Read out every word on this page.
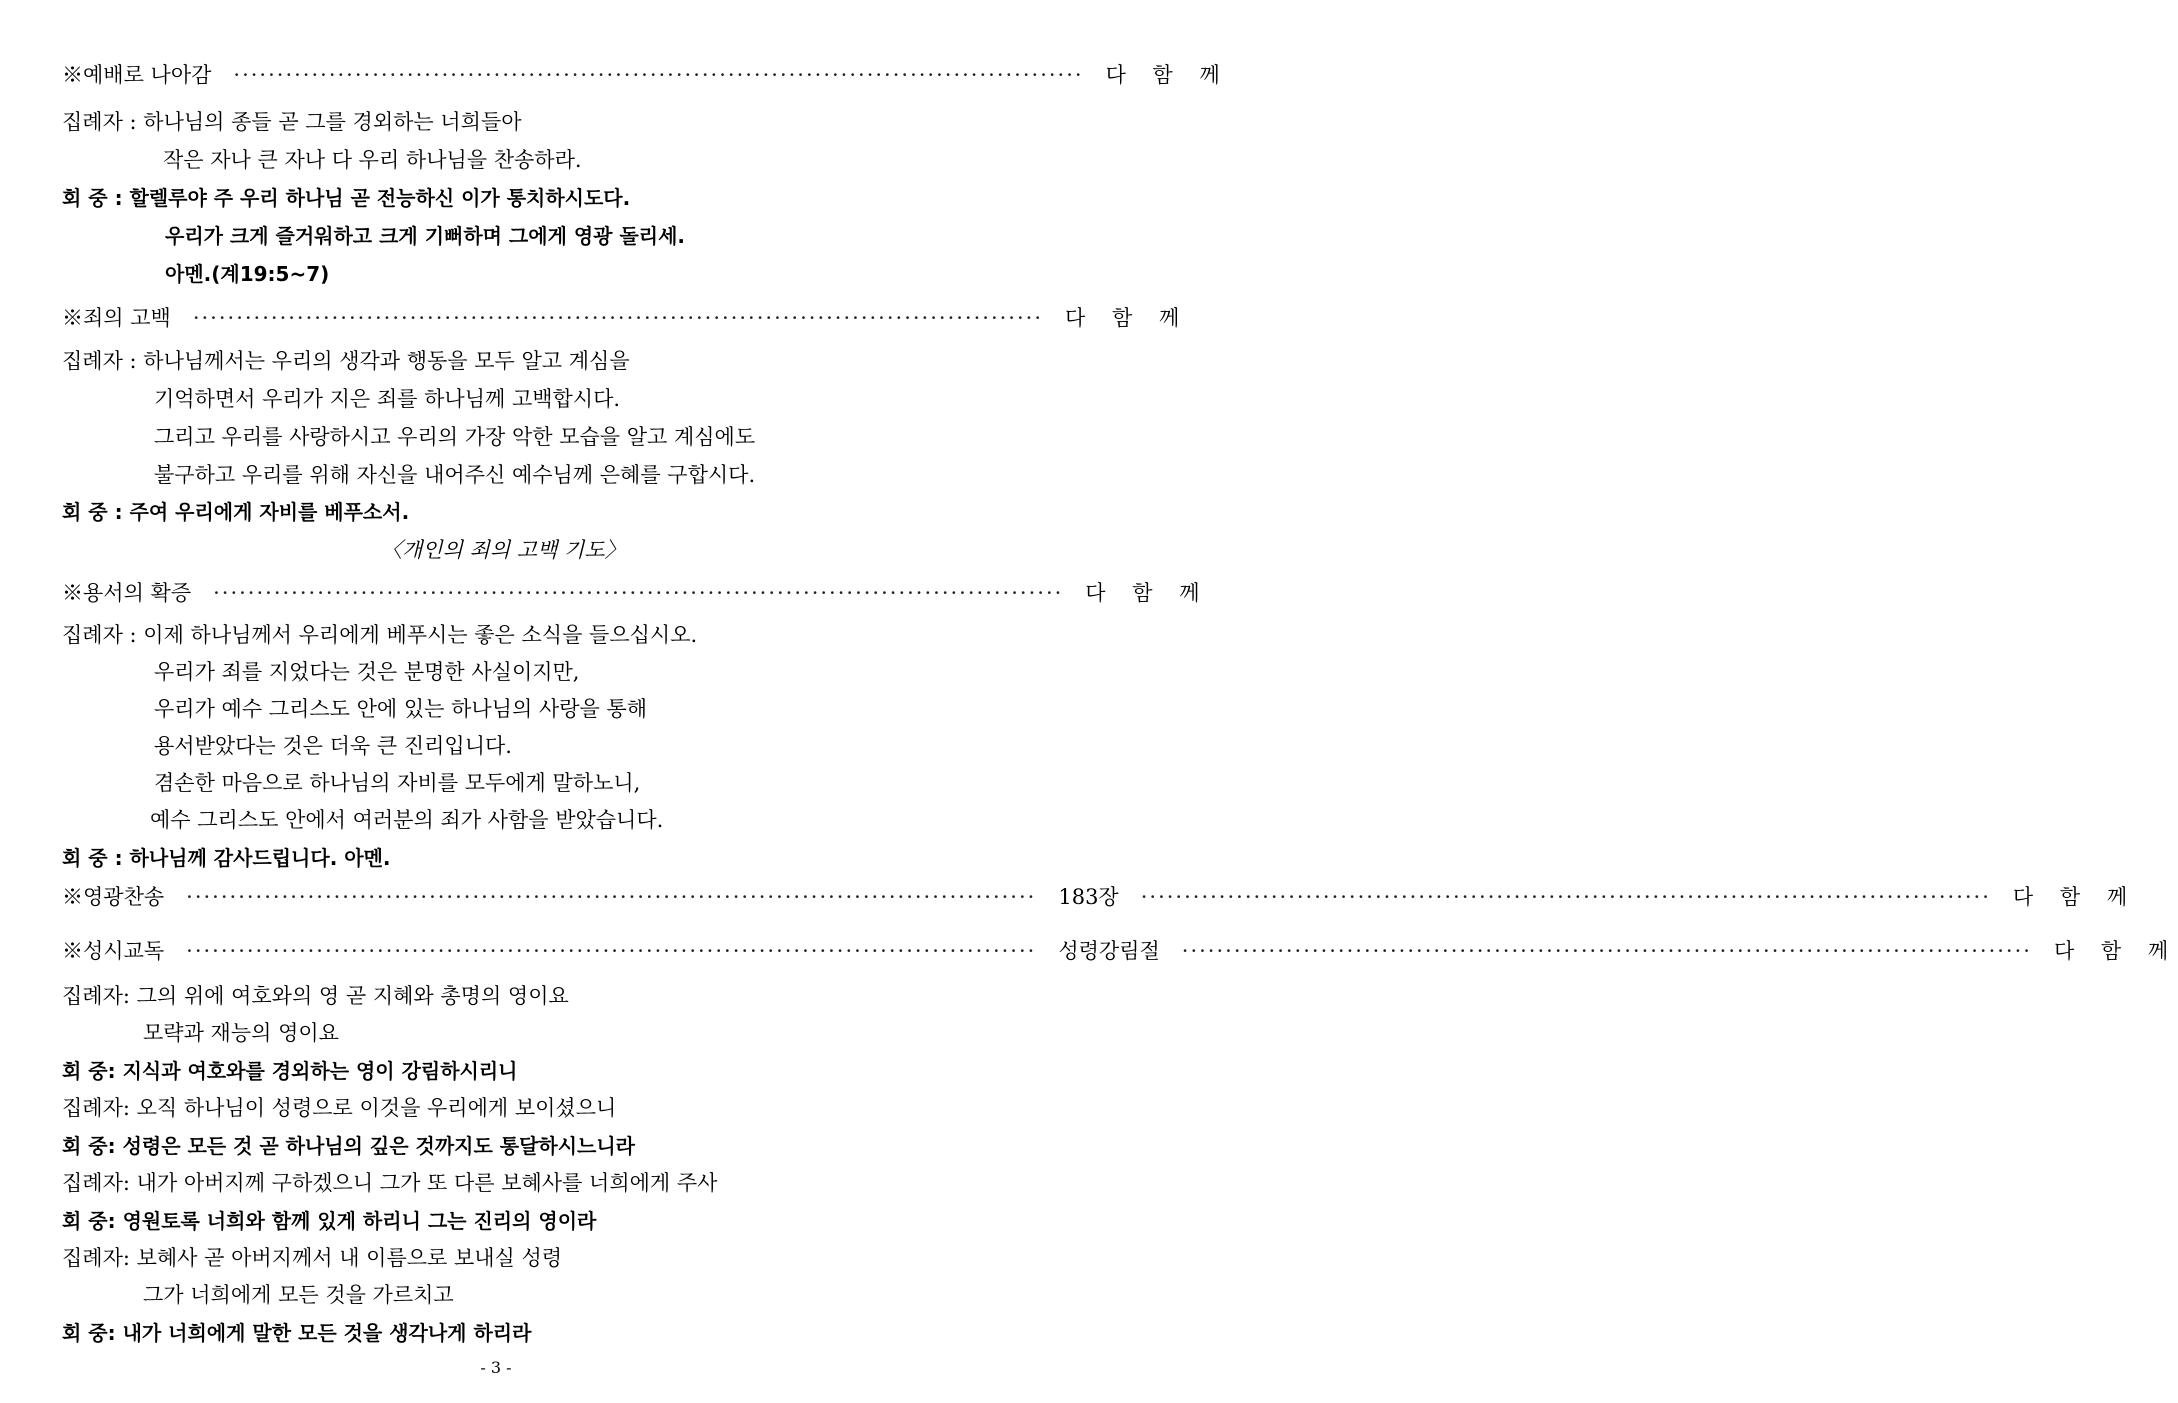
※예배로 나아감 ·································································································· 다 함 께
집례자 : 하나님의 종들 곧 그를 경외하는 너희들아
작은 자나 큰 자나 다 우리 하나님을 찬송하라.
회 중 : 할렐루야 주 우리 하나님 곧 전능하신 이가 통치하시도다.
우리가 크게 즐거워하고 크게 기뻐하며 그에게 영광 돌리세.
아멘.(계19:5~7)
※죄의 고백 ·································································································· 다 함 께
집례자 : 하나님께서는 우리의 생각과 행동을 모두 알고 계심을
기억하면서 우리가 지은 죄를 하나님께 고백합시다.
그리고 우리를 사랑하시고 우리의 가장 악한 모습을 알고 계심에도
불구하고 우리를 위해 자신을 내어주신 예수님께 은혜를 구합시다.
회 중 : 주여 우리에게 자비를 베푸소서.
〈개인의 죄의 고백 기도〉
※용서의 확증 ·································································································· 다 함 께
집례자 : 이제 하나님께서 우리에게 베푸시는 좋은 소식을 들으십시오.
우리가 죄를 지었다는 것은 분명한 사실이지만,
우리가 예수 그리스도 안에 있는 하나님의 사랑을 통해
용서받았다는 것은 더욱 큰 진리입니다.
겸손한 마음으로 하나님의 자비를 모두에게 말하노니,
예수 그리스도 안에서 여러분의 죄가 사함을 받았습니다.
회 중 : 하나님께 감사드립니다. 아멘.
※영광찬송 ·································································································· 183장 ·································································································· 다 함 께
※성시교독 ·································································································· 성령강림절 ·································································································· 다 함 께
집례자: 그의 위에 여호와의 영 곧 지혜와 총명의 영이요
모략과 재능의 영이요
회 중: 지식과 여호와를 경외하는 영이 강림하시리니
집례자: 오직 하나님이 성령으로 이것을 우리에게 보이셨으니
회 중: 성령은 모든 것 곧 하나님의 깊은 것까지도 통달하시느니라
집례자: 내가 아버지께 구하겠으니 그가 또 다른 보혜사를 너희에게 주사
회 중: 영원토록 너희와 함께 있게 하리니 그는 진리의 영이라
집례자: 보혜사 곧 아버지께서 내 이름으로 보내실 성령
그가 너희에게 모든 것을 가르치고
회 중: 내가 너희에게 말한 모든 것을 생각나게 하리라
- 3 -
